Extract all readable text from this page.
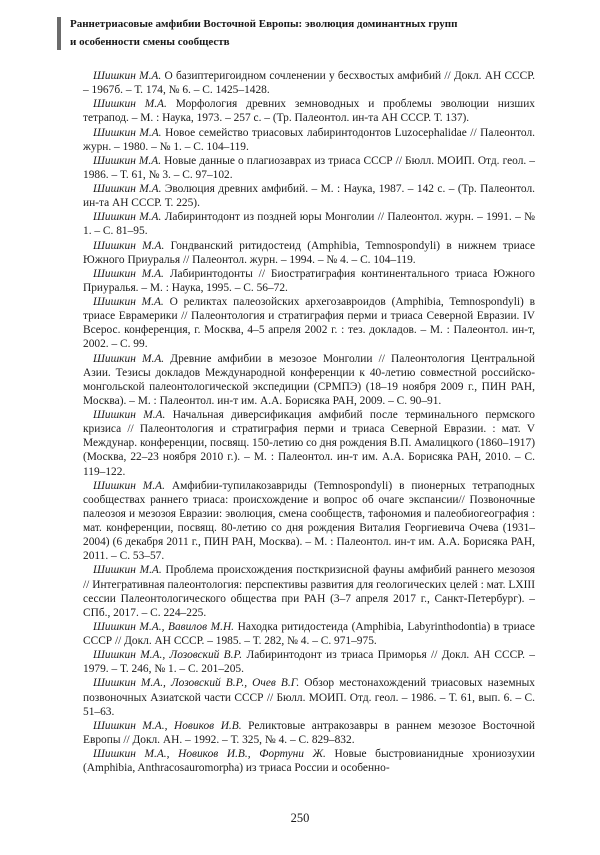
Раннетриасовые амфибии Восточной Европы: эволюция доминантных групп
и особенности смены сообществ
Шишкин М.А. О базиптеригоидном сочленении у бесхвостых амфибий // Докл. АН СССР. – 1967б. – Т. 174, № 6. – С. 1425–1428.
Шишкин М.А. Морфология древних земноводных и проблемы эволюции низших тетрапод. – М. : Наука, 1973. – 257 с. – (Тр. Палеонтол. ин-та АН СССР. Т. 137).
Шишкин М.А. Новое семейство триасовых лабиринтодонтов Luzocephalidae // Палеонтол. журн. – 1980. – № 1. – С. 104–119.
Шишкин М.А. Новые данные о плагиозаврах из триаса СССР // Бюлл. МОИП. Отд. геол. – 1986. – Т. 61, № 3. – С. 97–102.
Шишкин М.А. Эволюция древних амфибий. – М. : Наука, 1987. – 142 с. – (Тр. Палеонтол. ин-та АН СССР. Т. 225).
Шишкин М.А. Лабиринтодонт из поздней юры Монголии // Палеонтол. журн. – 1991. – № 1. – С. 81–95.
Шишкин М.А. Гондванский ритидостеид (Amphibia, Temnospondyli) в нижнем триасе Южного Приуралья // Палеонтол. журн. – 1994. – № 4. – С. 104–119.
Шишкин М.А. Лабиринтодонты // Биостратиграфия континентального триаса Южного Приуралья. – М. : Наука, 1995. – С. 56–72.
Шишкин М.А. О реликтах палеозойских архегозавроидов (Amphibia, Temnospondyli) в триасе Еврамерики // Палеонтология и стратиграфия перми и триаса Северной Евразии. IV Всерос. конференция, г. Москва, 4–5 апреля 2002 г. : тез. докладов. – М. : Палеонтол. ин-т, 2002. – С. 99.
Шишкин М.А. Древние амфибии в мезозое Монголии // Палеонтология Центральной Азии. Тезисы докладов Международной конференции к 40-летию совместной российско-монгольской палеонтологической экспедиции (СРМПЭ) (18–19 ноября 2009 г., ПИН РАН, Москва). – М. : Палеонтол. ин-т им. А.А. Борисяка РАН, 2009. – С. 90–91.
Шишкин М.А. Начальная диверсификация амфибий после терминального пермского кризиса // Палеонтология и стратиграфия перми и триаса Северной Евразии. : мат. V Междунар. конференции, посвящ. 150-летию со дня рождения В.П. Амалицкого (1860–1917) (Москва, 22–23 ноября 2010 г.). – М. : Палеонтол. ин-т им. А.А. Борисяка РАН, 2010. – С. 119–122.
Шишкин М.А. Амфибии-тупилакозавриды (Temnospondyli) в пионерных тетраподных сообществах раннего триаса: происхождение и вопрос об очаге экспансии// Позвоночные палеозоя и мезозоя Евразии: эволюция, смена сообществ, тафономия и палеобиогеография : мат. конференции, посвящ. 80-летию со дня рождения Виталия Георгиевича Очева (1931–2004) (6 декабря 2011 г., ПИН РАН, Москва). – М. : Палеонтол. ин-т им. А.А. Борисяка РАН, 2011. – С. 53–57.
Шишкин М.А. Проблема происхождения посткризисной фауны амфибий раннего мезозоя // Интегративная палеонтология: перспективы развития для геологических целей : мат. LXIII сессии Палеонтологического общества при РАН (3–7 апреля 2017 г., Санкт-Петербург). – СПб., 2017. – С. 224–225.
Шишкин М.А., Вавилов М.Н. Находка ритидостеида (Amphibia, Labyrinthodontia) в триасе СССР // Докл. АН СССР. – 1985. – Т. 282, № 4. – С. 971–975.
Шишкин М.А., Лозовский В.Р. Лабиринтодонт из триаса Приморья // Докл. АН СССР. – 1979. – Т. 246, № 1. – С. 201–205.
Шишкин М.А., Лозовский В.Р., Очев В.Г. Обзор местонахождений триасовых наземных позвоночных Азиатской части СССР // Бюлл. МОИП. Отд. геол. – 1986. – Т. 61, вып. 6. – С. 51–63.
Шишкин М.А., Новиков И.В. Реликтовые антракозавры в раннем мезозое Восточной Европы // Докл. АН. – 1992. – Т. 325, № 4. – С. 829–832.
Шишкин М.А., Новиков И.В., Фортуни Ж. Новые быстровианидные хрониозухии (Amphibia, Anthracosauromorpha) из триаса России и особенно-
250
